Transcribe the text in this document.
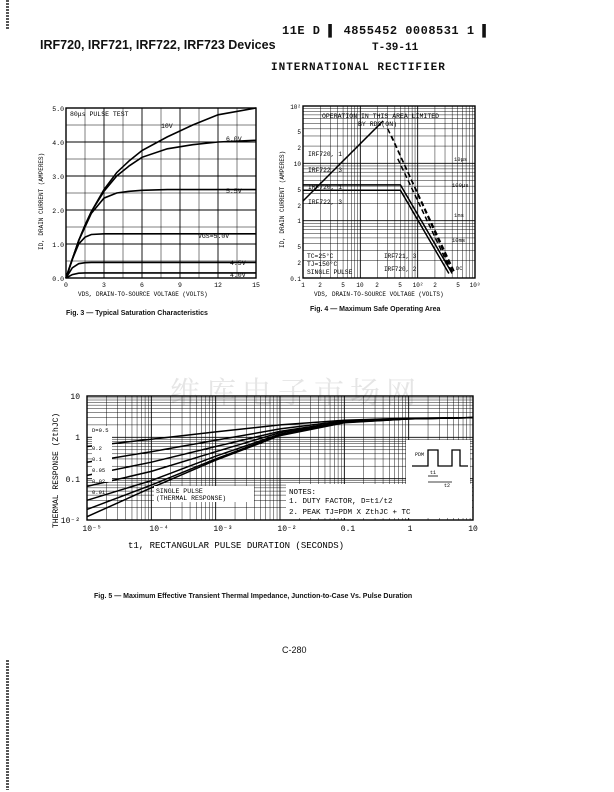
11E D ▌ 4855452 0008531 1 ▌
T-39-11
IRF720, IRF721, IRF722, IRF723 Devices
INTERNATIONAL RECTIFIER
维库电子市场网
80μs PULSE TEST
10V
6.0V
5.5V
VGS=5.0V
4.5V
4.0V
0.0
1.0
2.0
3.0
4.0
5.0
0	3	6	9	12	15
VDS, DRAIN-TO-SOURCE VOLTAGE (VOLTS)
ID, DRAIN CURRENT (AMPERES)
Fig. 3 — Typical Saturation Characteristics
OPERATION IN THIS AREA LIMITED
BY RDS(ON)
IRF720, 1
IRF722, 3
IRF720, 1
IRF722, 3
IRF721, 3
IRF720, 2
10μs
100μs
1ms
10ms
DC
TC=25°C
TJ=150°C
SINGLE PULSE
10²
5
2
10
5
2
1
5
2
0.1
1 2	5 10 2	5 10² 2	5 10³
VDS, DRAIN-TO-SOURCE VOLTAGE (VOLTS)
ID, DRAIN CURRENT (AMPERES)
Fig. 4 — Maximum Safe Operating Area
D=0.5
0.2
0.1
0.05
0.02
0.01	SINGLE PULSE
(THERMAL RESPONSE)
NOTES:
1. DUTY FACTOR, D=t1/t2
2. PEAK TJ=PDM X ZthJC + TC
PDM
t1
t2
10
1
0.1
10⁻²
10⁻⁵	10⁻⁴	10⁻³	10⁻²	0.1	1	10
t1, RECTANGULAR PULSE DURATION (SECONDS)
THERMAL RESPONSE (ZthJC)
Fig. 5 — Maximum Effective Transient Thermal Impedance, Junction-to-Case Vs. Pulse Duration
C-280
